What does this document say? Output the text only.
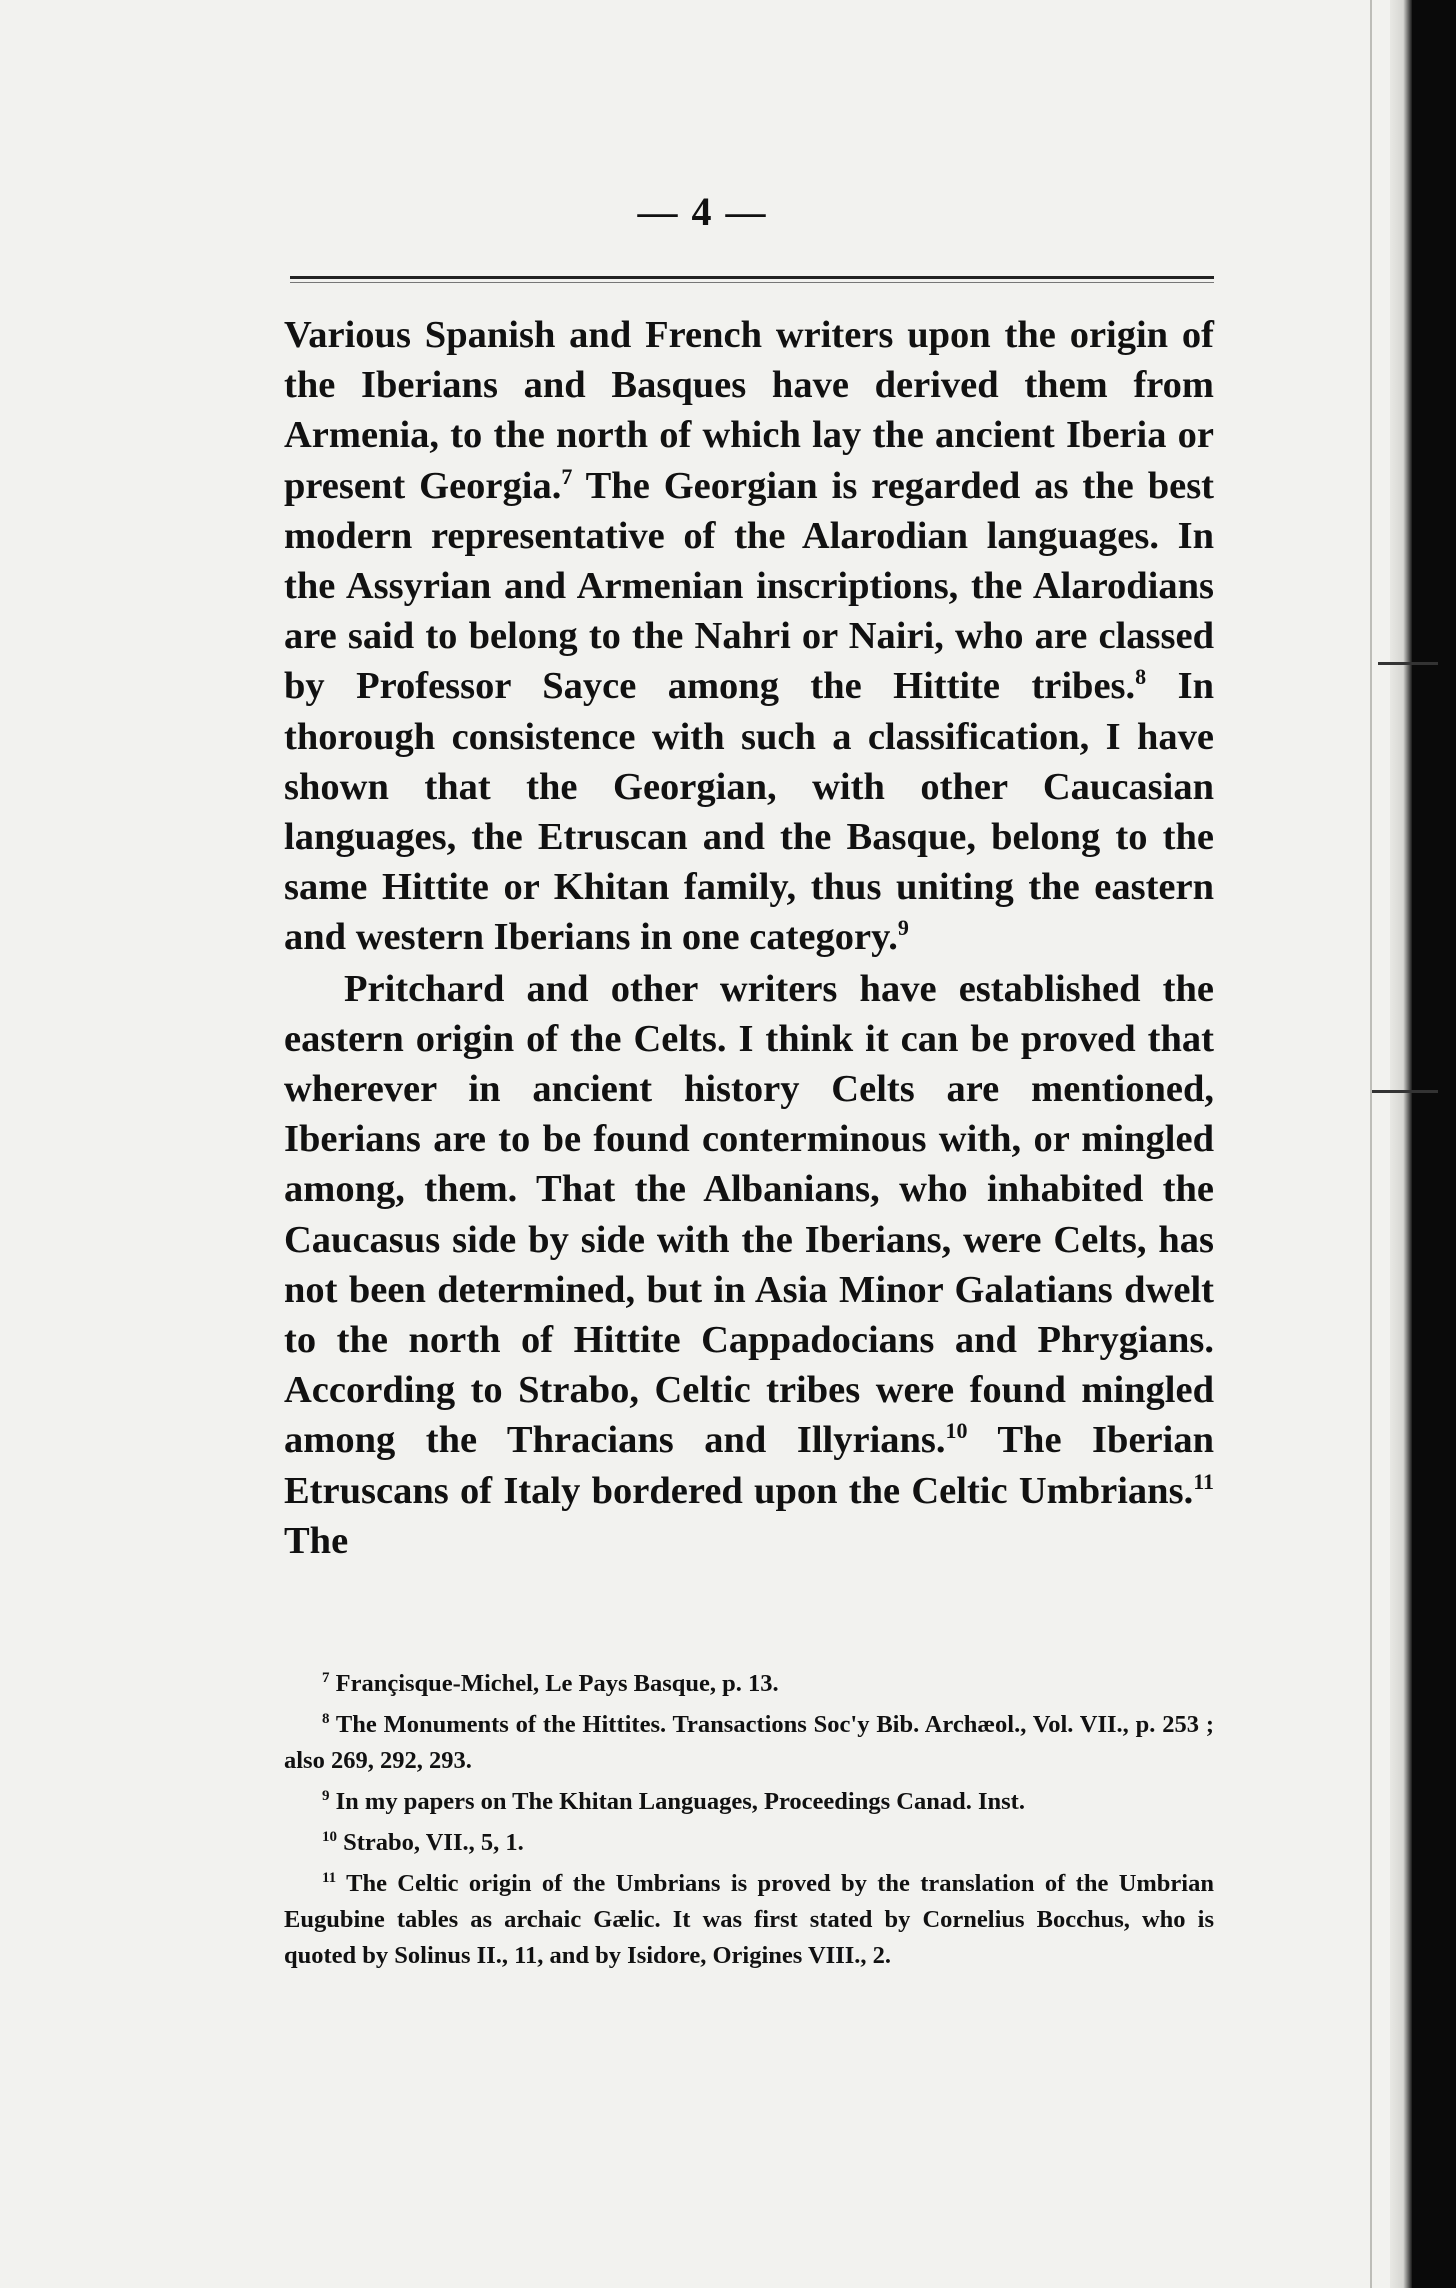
— 4 —

Various Spanish and French writers upon the origin of the Iberians and Basques have derived them from Armenia, to the north of which lay the ancient Iberia or present Georgia.$^7$ The Georgian is regarded as the best modern representative of the Alarodian languages. In the Assyrian and Armenian inscriptions, the Alarodians are said to belong to the Nahri or Nairi, who are classed by Professor Sayce among the Hittite tribes.$^8$ In thorough consistence with such a classification, I have shown that the Georgian, with other Caucasian languages, the Etruscan and the Basque, belong to the same Hittite or Khitan family, thus uniting the eastern and western Iberians in one category.$^9$

Pritchard and other writers have established the eastern origin of the Celts. I think it can be proved that wherever in ancient history Celts are mentioned, Iberians are to be found conterminous with, or mingled among, them. That the Albanians, who inhabited the Caucasus side by side with the Iberians, were Celts, has not been determined, but in Asia Minor Galatians dwelt to the north of Hittite Cappadocians and Phrygians. According to Strabo, Celtic tribes were found mingled among the Thracians and Illyrians.$^{10}$ The Iberian Etruscans of Italy bordered upon the Celtic Umbrians.$^{11}$ The

$^7$ Françisque-Michel, Le Pays Basque, p. 13.

$^8$ The Monuments of the Hittites. Transactions Soc'y Bib. Archæol., Vol. VII., p. 253 ; also 269, 292, 293.

$^9$ In my papers on The Khitan Languages, Proceedings Canad. Inst.

$^{10}$ Strabo, VII., 5, 1.

$^{11}$ The Celtic origin of the Umbrians is proved by the translation of the Umbrian Eugubine tables as archaic Gælic. It was first stated by Cornelius Bocchus, who is quoted by Solinus II., 11, and by Isidore, Origines VIII., 2.
